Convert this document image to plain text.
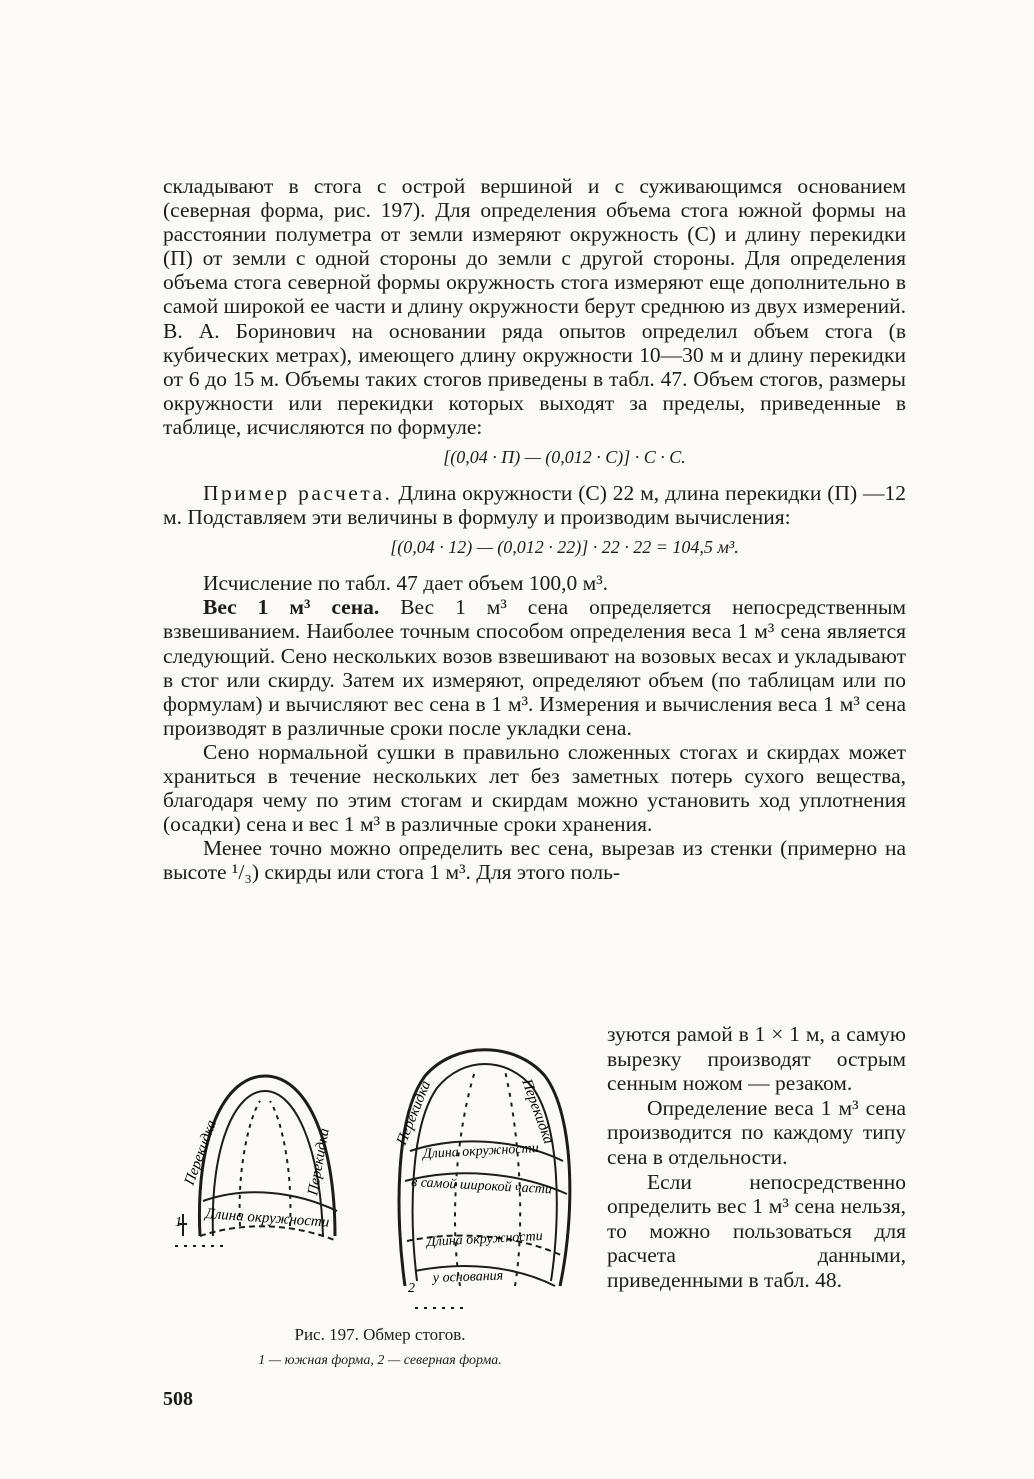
складывают в стога с острой вершиной и с суживающимся основанием (северная форма, рис. 197). Для определения объема стога южной формы на расстоянии полуметра от земли измеряют окружность (С) и длину перекидки (П) от земли с одной стороны до земли с другой стороны. Для определения объема стога северной формы окружность стога измеряют еще дополнительно в самой широкой ее части и длину окружности берут среднюю из двух измерений. В. А. Боринович на основании ряда опытов определил объем стога (в кубических метрах), имеющего длину окружности 10—30 м и длину перекидки от 6 до 15 м. Объемы таких стогов приведены в табл. 47. Объем стогов, размеры окружности или перекидки которых выходят за пределы, приведенные в таблице, исчисляются по формуле:

[(0,04 · П) — (0,012 · С)] · С · С.

Пример расчета. Длина окружности (С) 22 м, длина перекидки (П) —12 м. Подставляем эти величины в формулу и производим вычисления:

[(0,04 · 12) — (0,012 · 22)] · 22 · 22 = 104,5 м³.

Исчисление по табл. 47 дает объем 100,0 м³.

Вес 1 м³ сена. Вес 1 м³ сена определяется непосредственным взвешиванием. Наиболее точным способом определения веса 1 м³ сена является следующий. Сено нескольких возов взвешивают на возовых весах и укладывают в стог или скирду. Затем их измеряют, определяют объем (по таблицам или по формулам) и вычисляют вес сена в 1 м³. Измерения и вычисления веса 1 м³ сена производят в различные сроки после укладки сена.

Сено нормальной сушки в правильно сложенных стогах и скирдах может храниться в течение нескольких лет без заметных потерь сухого вещества, благодаря чему по этим стогам и скирдам можно установить ход уплотнения (осадки) сена и вес 1 м³ в различные сроки хранения.

Менее точно можно определить вес сена, вырезав из стенки (примерно на высоте ¹/₃) скирды или стога 1 м³. Для этого поль-

зуются рамой в 1 × 1 м, а самую вырезку производят острым сенным ножом — резаком.

Определение веса 1 м³ сена производится по каждому типу сена в отдельности.

Если непосредственно определить вес 1 м³ сена нельзя, то можно пользоваться для расчета данными, приведенными в табл. 48.

Перекидка	Перекидка
Длина окружности
1
Перекидка	Перекидка
Длина окружности
в самой широкой части
Длина окружности
у основания
2
Рис. 197. Обмер стогов.
1 — южная форма, 2 — северная форма.
508
